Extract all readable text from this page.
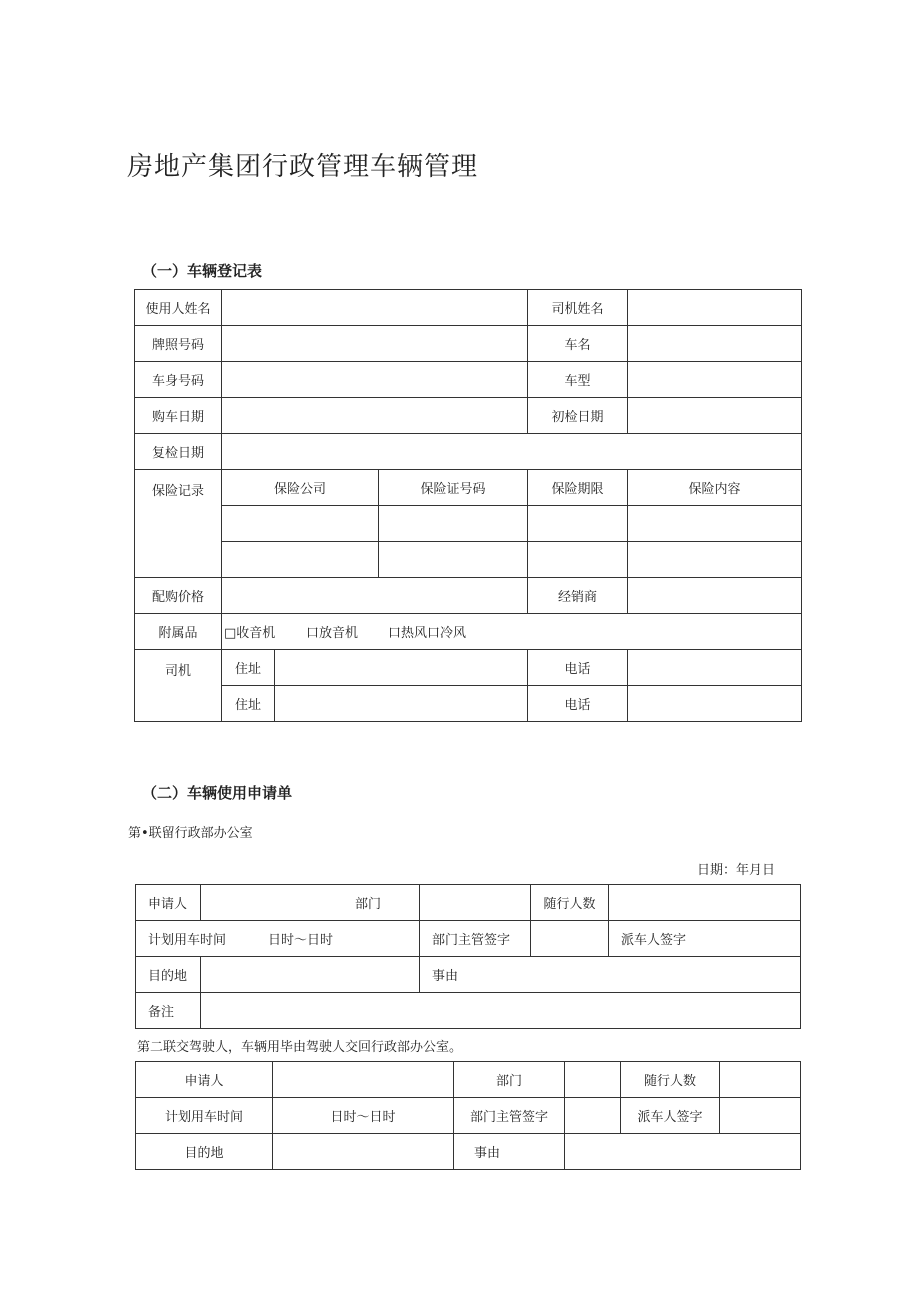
房地产集团行政管理车辆管理
（一）车辆登记表
使用人姓名				司机姓名	
牌照号码				车名	
车身号码				车型	
购车日期				初检日期	
复检日期					
保险记录	保险公司		保险证号码	保险期限	保险内容

配购价格				经销商	
附属品	□收音机 口放音机 口热风口冷风				
司机	住址			电话	
	住址			电话	
（二）车辆使用申请单
第•联留行政部办公室
日期：年月日
申请人	部门		随行人数	
计划用车时间 日时～日时		部门主管签字		派车人签字
目的地		事由		
备注				
第二联交驾驶人，车辆用毕由驾驶人交回行政部办公室。
申请人		部门		随行人数	
计划用车时间	日时～日时	部门主管签字		派车人签字	
目的地		事由			
